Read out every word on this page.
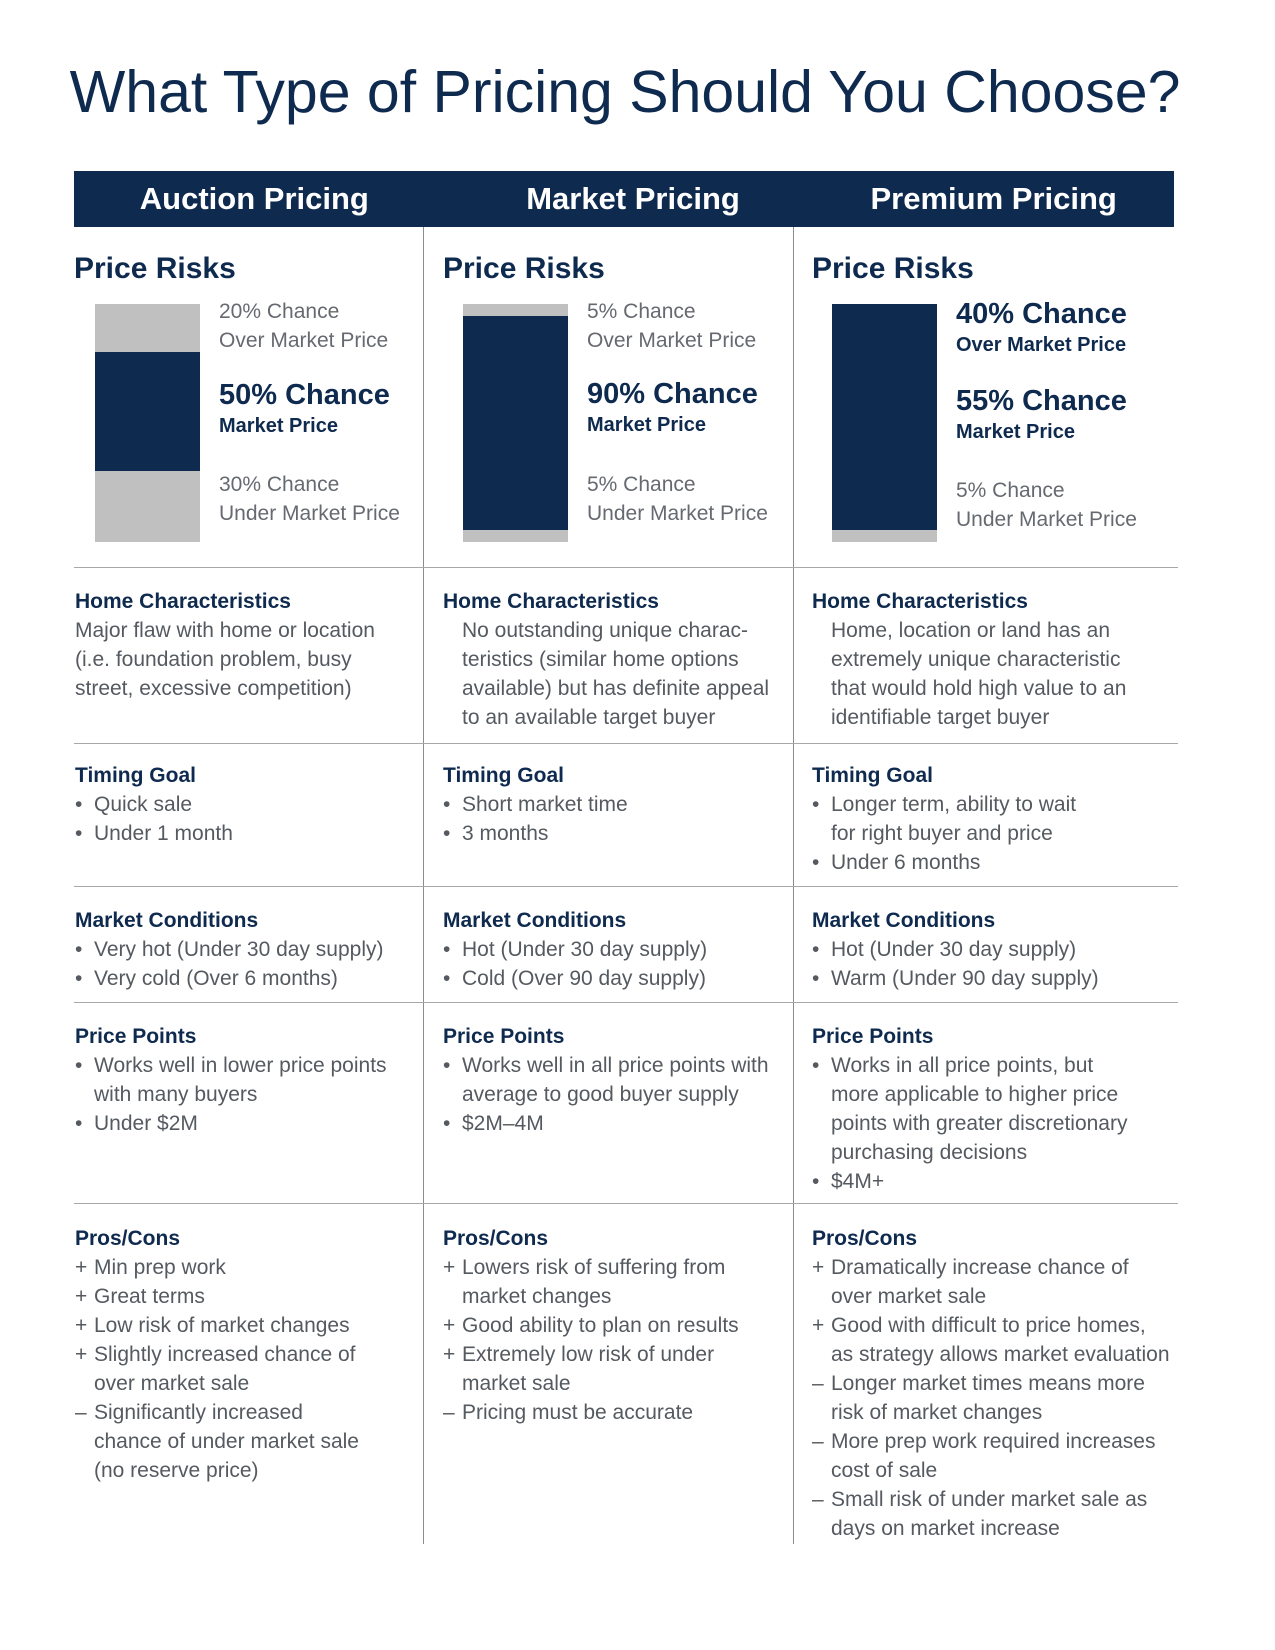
What Type of Pricing Should You Choose?
Auction Pricing	Market Pricing	Premium Pricing
Price Risks
20% Chance
Over Market Price
50% Chance
Market Price
30% Chance
Under Market Price
Price Risks
5% Chance
Over Market Price
90% Chance
Market Price
5% Chance
Under Market Price
Price Risks
40% Chance
Over Market Price
55% Chance
Market Price
5% Chance
Under Market Price
Home Characteristics
Major flaw with home or location
(i.e. foundation problem, busy
street, excessive competition)
Home Characteristics
No outstanding unique charac-
teristics (similar home options
available) but has definite appeal
to an available target buyer
Home Characteristics
Home, location or land has an
extremely unique characteristic
that would hold high value to an
identifiable target buyer
Timing Goal
• Quick sale
• Under 1 month
Timing Goal
• Short market time
• 3 months
Timing Goal
• Longer term, ability to wait
for right buyer and price
• Under 6 months
Market Conditions
• Very hot (Under 30 day supply)
• Very cold (Over 6 months)
Market Conditions
• Hot (Under 30 day supply)
• Cold (Over 90 day supply)
Market Conditions
• Hot (Under 30 day supply)
• Warm (Under 90 day supply)
Price Points
• Works well in lower price points
with many buyers
• Under $2M
Price Points
• Works well in all price points with
average to good buyer supply
• $2M–4M
Price Points
• Works in all price points, but
more applicable to higher price
points with greater discretionary
purchasing decisions
• $4M+
Pros/Cons
+ Min prep work
+ Great terms
+ Low risk of market changes
+ Slightly increased chance of
over market sale
– Significantly increased
chance of under market sale
(no reserve price)
Pros/Cons
+ Lowers risk of suffering from
market changes
+ Good ability to plan on results
+ Extremely low risk of under
market sale
– Pricing must be accurate
Pros/Cons
+ Dramatically increase chance of
over market sale
+ Good with difficult to price homes,
as strategy allows market evaluation
– Longer market times means more
risk of market changes
– More prep work required increases
cost of sale
– Small risk of under market sale as
days on market increase
